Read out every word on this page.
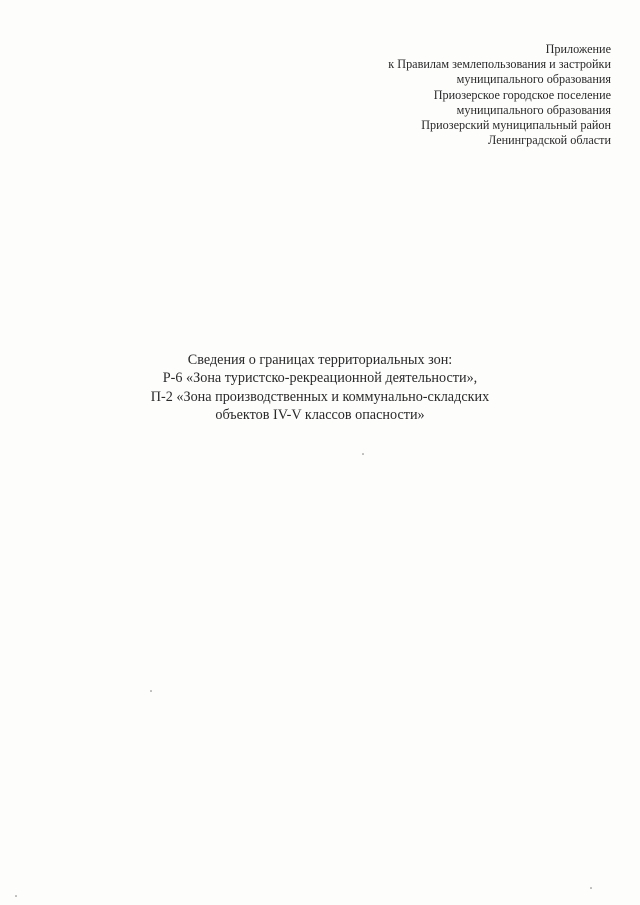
Приложение
к Правилам землепользования и застройки
муниципального образования
Приозерское городское поселение
муниципального образования
Приозерский муниципальный район
Ленинградской области
Сведения о границах территориальных зон:
Р-6 «Зона туристско-рекреационной деятельности»,
П-2 «Зона производственных и коммунально-складских
объектов IV-V классов опасности»
